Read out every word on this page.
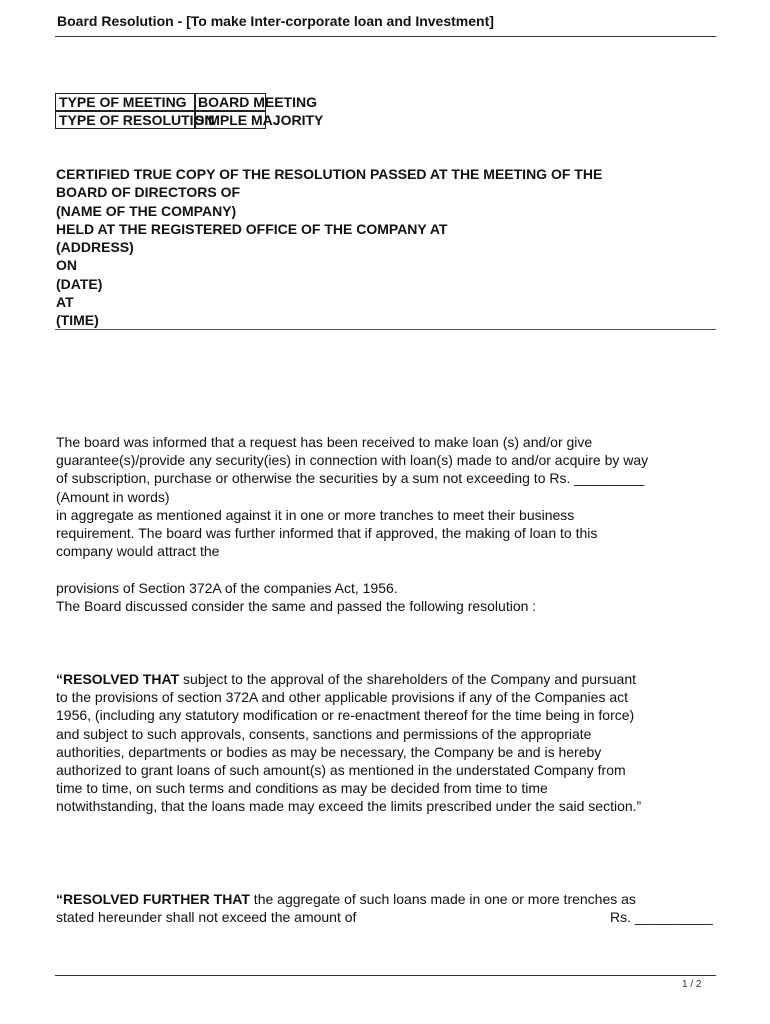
Board Resolution - [To make Inter-corporate loan and Investment]
TYPE OF MEETING BOARD MEETING
TYPE OF RESOLUTION
SIMPLE MAJORITY
CERTIFIED TRUE COPY OF THE RESOLUTION PASSED AT THE MEETING OF THE
BOARD OF DIRECTORS OF
(NAME OF THE COMPANY)
HELD AT THE REGISTERED OFFICE OF THE COMPANY AT
(ADDRESS)
ON
(DATE)
AT
(TIME)
The board was informed that a request has been received to make loan (s) and/or give
guarantee(s)/provide any security(ies) in connection with loan(s) made to and/or acquire by way
of subscription, purchase or otherwise the securities by a sum not exceeding to Rs. _________
(Amount in words)
in aggregate as mentioned against it in one or more tranches to meet their business
requirement. The board was further informed that if approved, the making of loan to this
company would attract the
provisions of Section 372A of the companies Act, 1956.
The Board discussed consider the same and passed the following resolution :
“RESOLVED THAT subject to the approval of the shareholders of the Company and pursuant
to the provisions of section 372A and other applicable provisions if any of the Companies act
1956, (including any statutory modification or re-enactment thereof for the time being in force)
and subject to such approvals, consents, sanctions and permissions of the appropriate
authorities, departments or bodies as may be necessary, the Company be and is hereby
authorized to grant loans of such amount(s) as mentioned in the understated Company from
time to time, on such terms and conditions as may be decided from time to time
notwithstanding, that the loans made may exceed the limits prescribed under the said section.”
“RESOLVED FURTHER THAT the aggregate of such loans made in one or more trenches as
stated hereunder shall not exceed the amount of	Rs. __________
1 / 2
